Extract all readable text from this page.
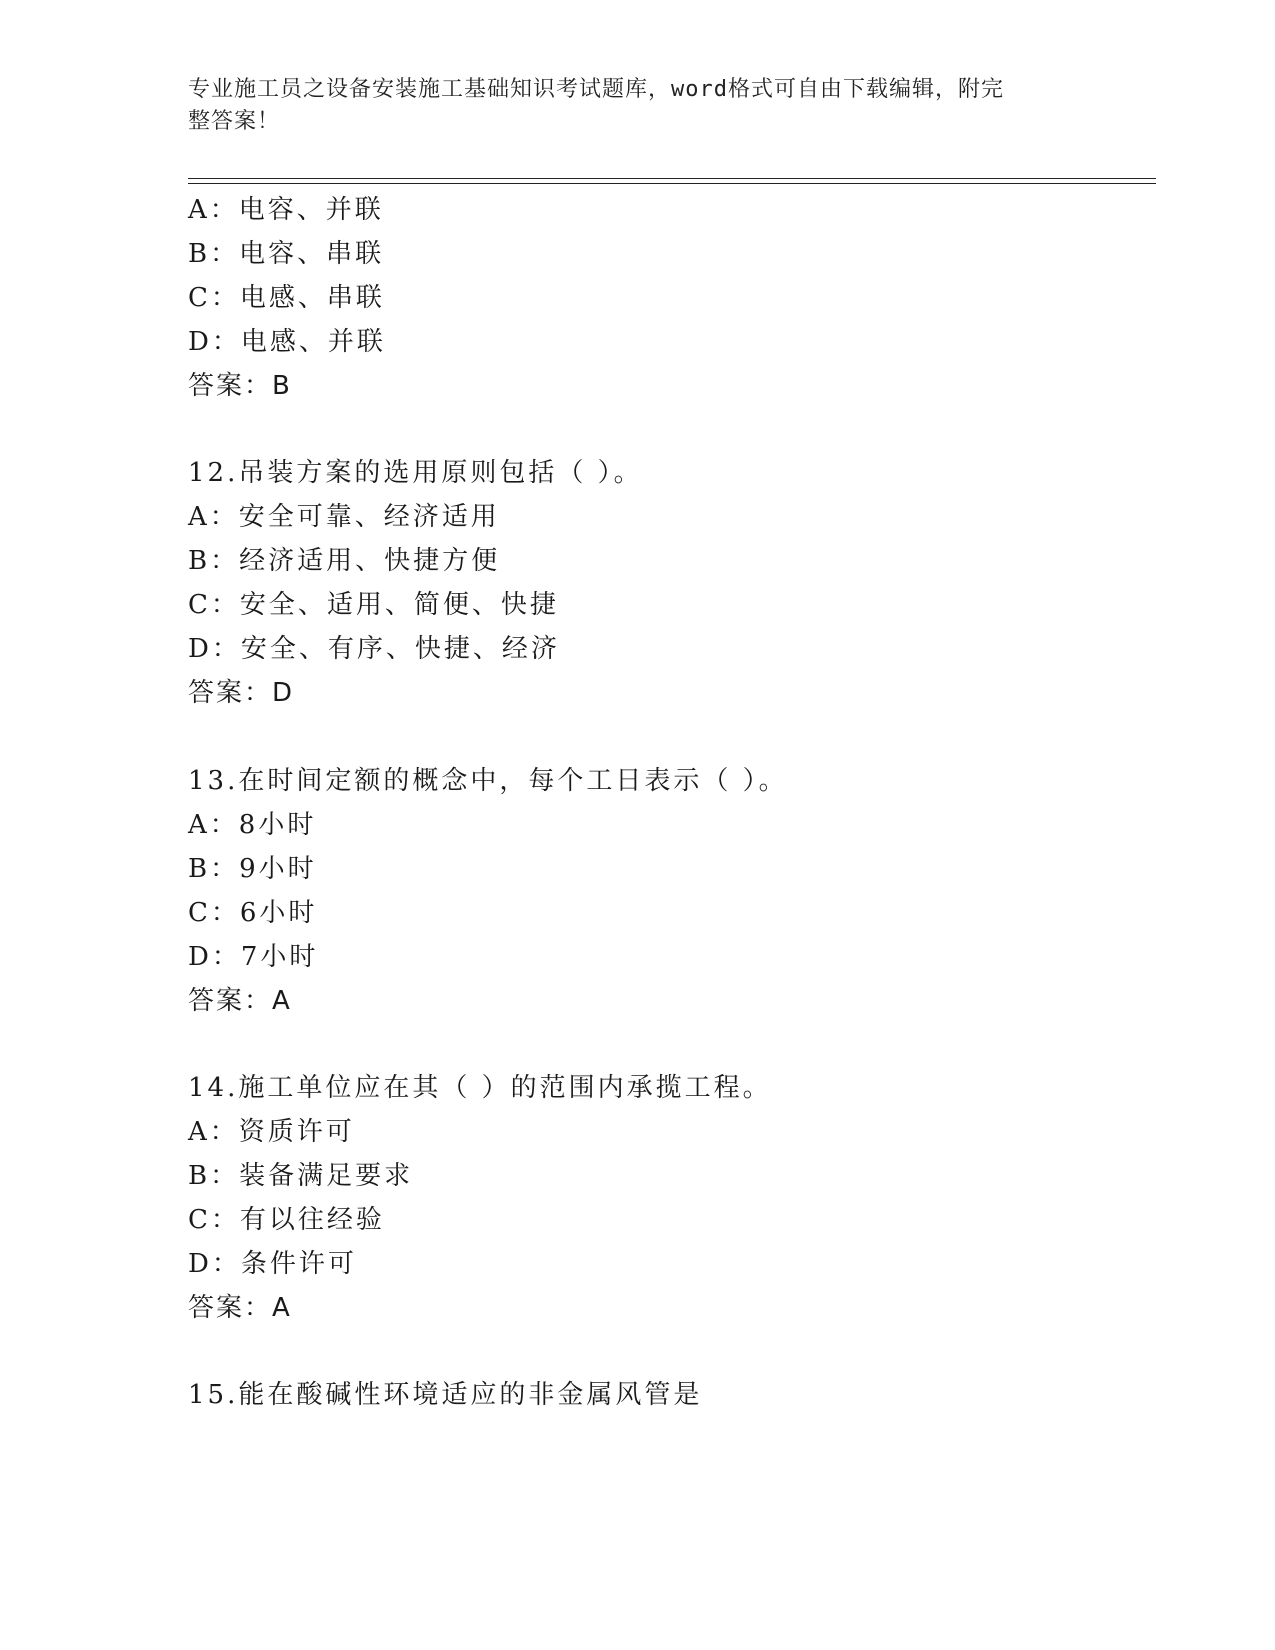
专业施工员之设备安装施工基础知识考试题库，word格式可自由下载编辑，附完
整答案！
A：电容、并联
B：电容、串联
C：电感、串联
D：电感、并联
答案：B
12.吊装方案的选用原则包括（ ）。
A：安全可靠、经济适用
B：经济适用、快捷方便
C：安全、适用、简便、快捷
D：安全、有序、快捷、经济
答案：D
13.在时间定额的概念中，每个工日表示（ ）。
A：8小时
B：9小时
C：6小时
D：7小时
答案：A
14.施工单位应在其（ ）的范围内承揽工程。
A：资质许可
B：装备满足要求
C：有以往经验
D：条件许可
答案：A
15.能在酸碱性环境适应的非金属风管是
